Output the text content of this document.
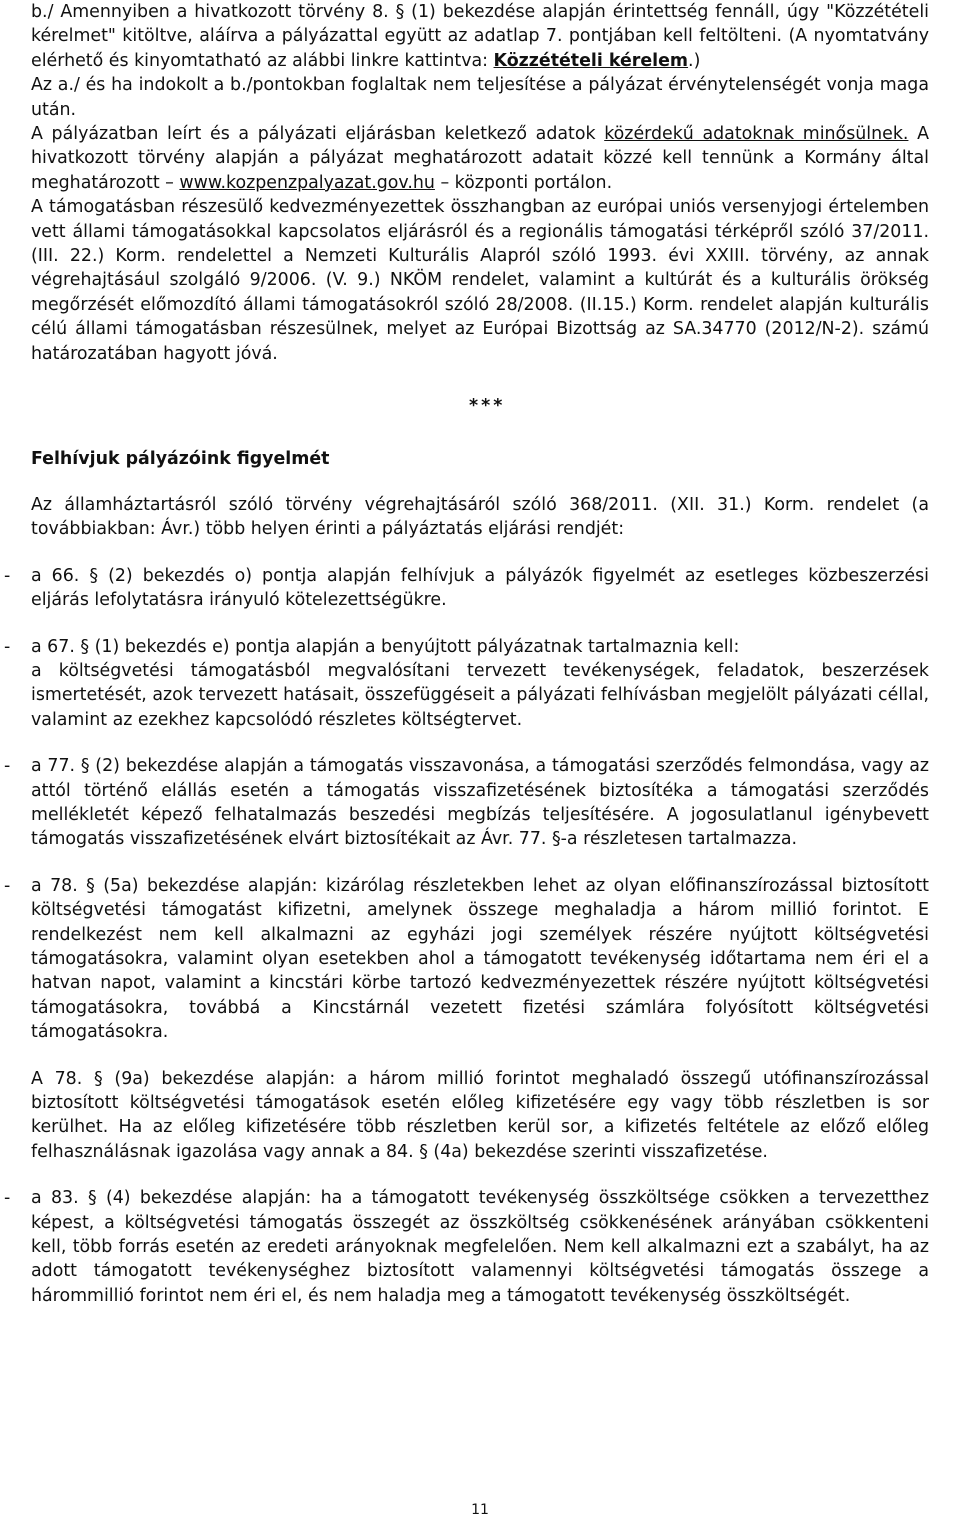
b./ Amennyiben a hivatkozott törvény 8. § (1) bekezdése alapján érintettség fennáll, úgy "Közzétételi kérelmet" kitöltve, aláírva a pályázattal együtt az adatlap 7. pontjában kell feltölteni. (A nyomtatvány elérhető és kinyomtatható az alábbi linkre kattintva: Közzétételi kérelem.)

Az a./ és ha indokolt a b./pontokban foglaltak nem teljesítése a pályázat érvénytelenségét vonja maga után.

A pályázatban leírt és a pályázati eljárásban keletkező adatok közérdekű adatoknak minősülnek. A hivatkozott törvény alapján a pályázat meghatározott adatait közzé kell tennünk a Kormány által meghatározott – www.kozpenzpalyazat.gov.hu – központi portálon.

A támogatásban részesülő kedvezményezettek összhangban az európai uniós versenyjogi értelemben vett állami támogatásokkal kapcsolatos eljárásról és a regionális támogatási térképről szóló 37/2011. (III. 22.) Korm. rendelettel a Nemzeti Kulturális Alapról szóló 1993. évi XXIII. törvény, az annak végrehajtásául szolgáló 9/2006. (V. 9.) NKÖM rendelet, valamint a kultúrát és a kulturális örökség megőrzését előmozdító állami támogatásokról szóló 28/2008. (II.15.) Korm. rendelet alapján kulturális célú állami támogatásban részesülnek, melyet az Európai Bizottság az SA.34770 (2012/N-2). számú határozatában hagyott jóvá.

***

Felhívjuk pályázóink figyelmét

Az államháztartásról szóló törvény végrehajtásáról szóló 368/2011. (XII. 31.) Korm. rendelet (a továbbiakban: Ávr.) több helyen érinti a pályáztatás eljárási rendjét:

- a 66. § (2) bekezdés o) pontja alapján felhívjuk a pályázók figyelmét az esetleges közbeszerzési eljárás lefolytatásra irányuló kötelezettségükre.

- a 67. § (1) bekezdés e) pontja alapján a benyújtott pályázatnak tartalmaznia kell:
a költségvetési támogatásból megvalósítani tervezett tevékenységek, feladatok, beszerzések ismertetését, azok tervezett hatásait, összefüggéseit a pályázati felhívásban megjelölt pályázati céllal, valamint az ezekhez kapcsolódó részletes költségtervet.

- a 77. § (2) bekezdése alapján a támogatás visszavonása, a támogatási szerződés felmondása, vagy az attól történő elállás esetén a támogatás visszafizetésének biztosítéka a támogatási szerződés mellékletét képező felhatalmazás beszedési megbízás teljesítésére. A jogosulatlanul igénybevett támogatás visszafizetésének elvárt biztosítékait az Ávr. 77. §-a részletesen tartalmazza.

- a 78. § (5a) bekezdése alapján: kizárólag részletekben lehet az olyan előfinanszírozással biztosított költségvetési támogatást kifizetni, amelynek összege meghaladja a három millió forintot. E rendelkezést nem kell alkalmazni az egyházi jogi személyek részére nyújtott költségvetési támogatásokra, valamint olyan esetekben ahol a támogatott tevékenység időtartama nem éri el a hatvan napot, valamint a kincstári körbe tartozó kedvezményezettek részére nyújtott költségvetési támogatásokra, továbbá a Kincstárnál vezetett fizetési számlára folyósított költségvetési támogatásokra.

A 78. § (9a) bekezdése alapján: a három millió forintot meghaladó összegű utófinanszírozással biztosított költségvetési támogatások esetén előleg kifizetésére egy vagy több részletben is sor kerülhet. Ha az előleg kifizetésére több részletben kerül sor, a kifizetés feltétele az előző előleg felhasználásnak igazolása vagy annak a 84. § (4a) bekezdése szerinti visszafizetése.

- a 83. § (4) bekezdése alapján: ha a támogatott tevékenység összköltsége csökken a tervezetthez képest, a költségvetési támogatás összegét az összköltség csökkenésének arányában csökkenteni kell, több forrás esetén az eredeti arányoknak megfelelően. Nem kell alkalmazni ezt a szabályt, ha az adott támogatott tevékenységhez biztosított valamennyi költségvetési támogatás összege a hárommillió forintot nem éri el, és nem haladja meg a támogatott tevékenység összköltségét.

11
